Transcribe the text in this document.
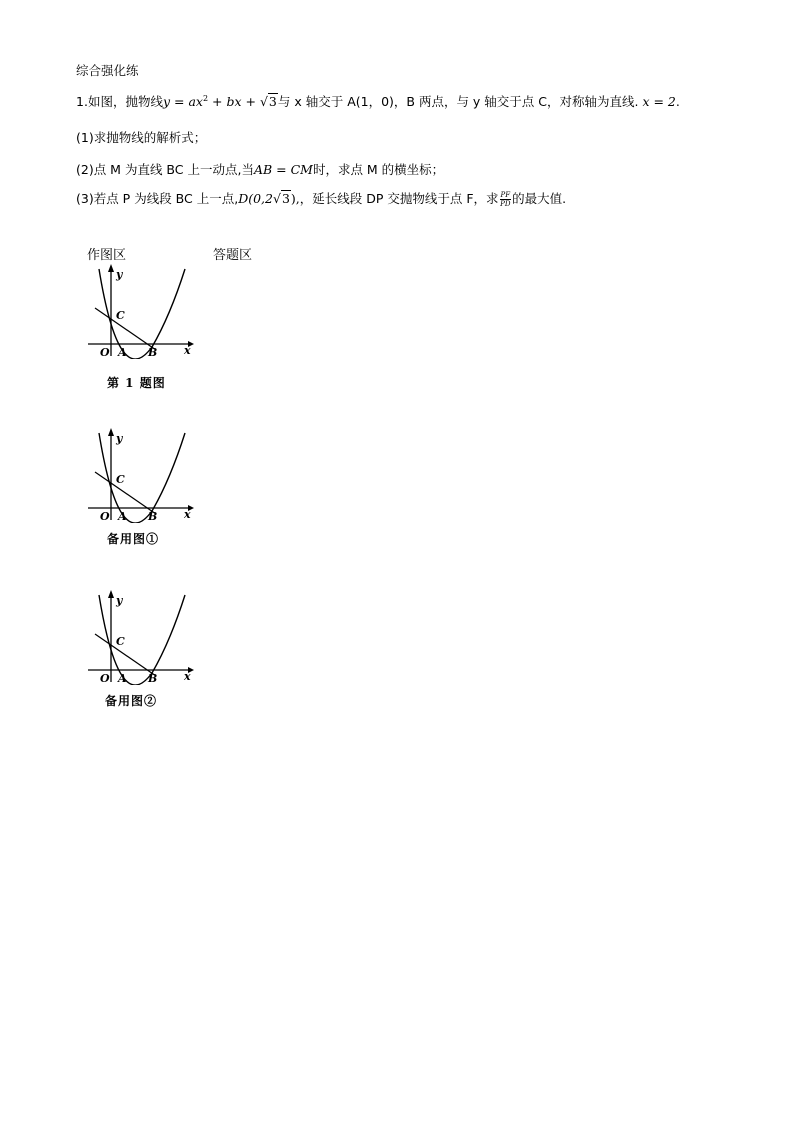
综合强化练
1.如图，抛物线$y = ax^2$ + bx + √3与 x 轴交于 A(1，0)，B 两点，与 y 轴交于点 C，对称轴为直线. x = 2.
(1)求抛物线的解析式；
(2)点 M 为直线 BC 上一动点,当AB = CM时，求点 M 的横坐标；
(3)若点 P 为线段 BC 上一点,D(0,2√3),，延长线段 DP 交抛物线于点 F，求 $\frac{PF}{PD}$ 的最大值.
作图区	答题区
y
x
C
O A B
第 1 题图
y
x
C
O A B
备用图①
y
x
C
O A B
备用图②
